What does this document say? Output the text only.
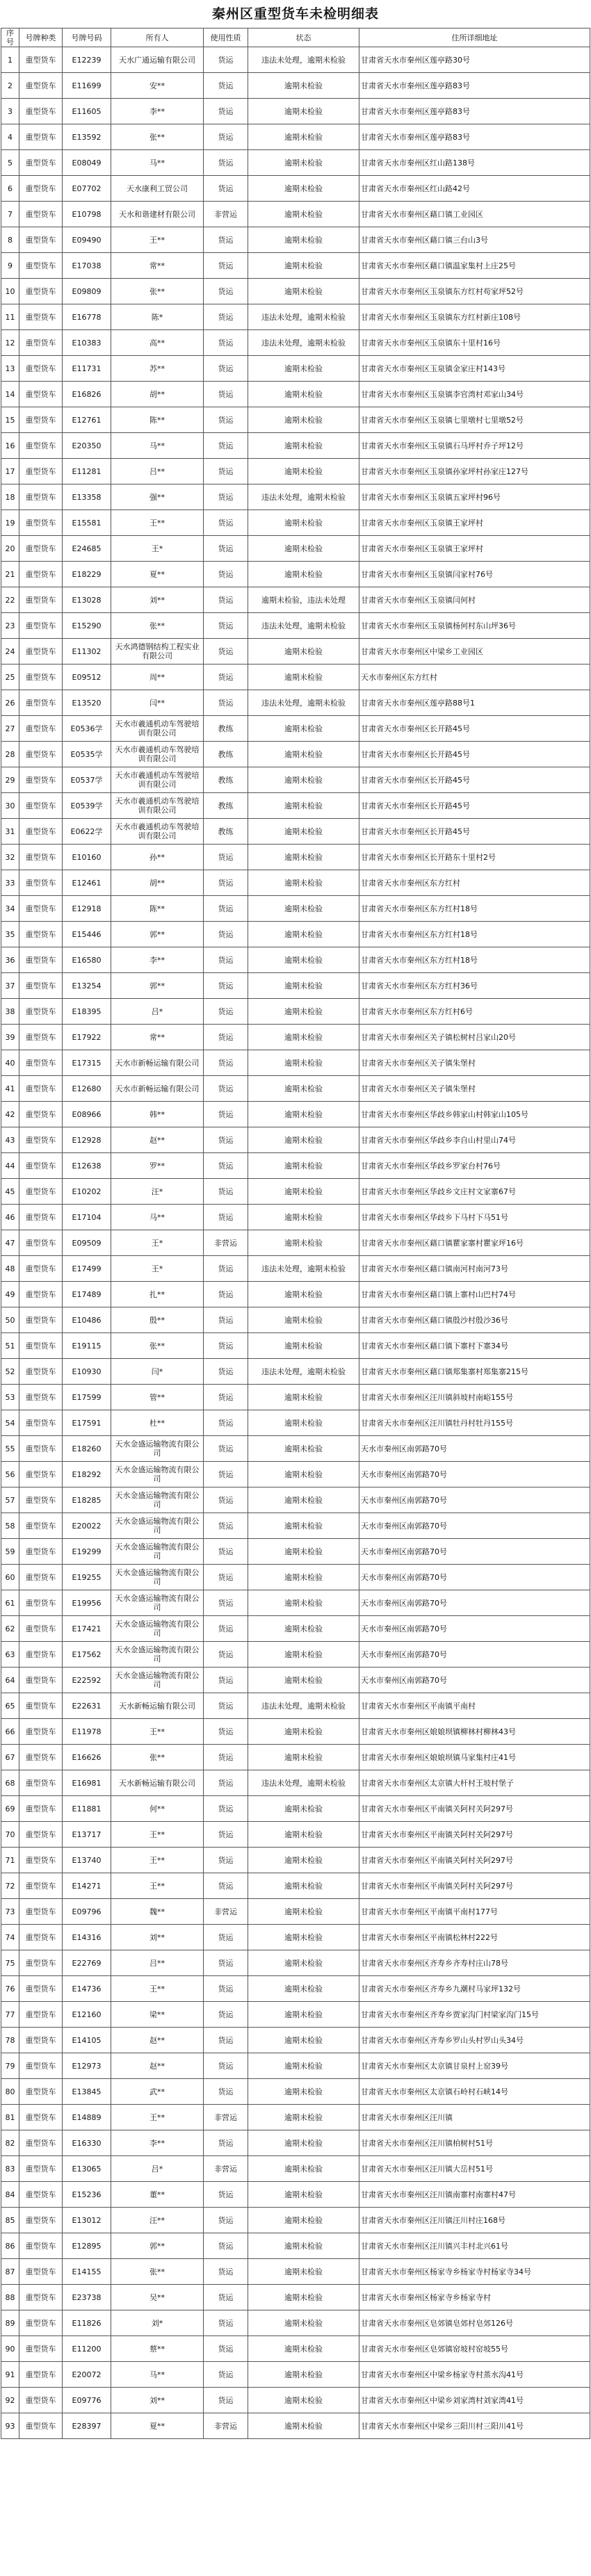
秦州区重型货车未检明细表
序号	号牌种类	号牌号码	所有人	使用性质	状态	住所详细地址
1	重型货车	E12239	天水广通运输有限公司	货运	违法未处理，逾期未检验	甘肃省天水市秦州区莲亭路30号
2	重型货车	E11699	安**	货运	逾期未检验	甘肃省天水市秦州区莲亭路83号
3	重型货车	E11605	李**	货运	逾期未检验	甘肃省天水市秦州区莲亭路83号
4	重型货车	E13592	张**	货运	逾期未检验	甘肃省天水市秦州区莲亭路83号
5	重型货车	E08049	马**	货运	逾期未检验	甘肃省天水市秦州区红山路138号
6	重型货车	E07702	天水康利工贸公司	货运	逾期未检验	甘肃省天水市秦州区红山路42号
7	重型货车	E10798	天水和谐建材有限公司	非营运	逾期未检验	甘肃省天水市秦州区藉口镇工业园区
8	重型货车	E09490	王**	货运	逾期未检验	甘肃省天水市秦州区藉口镇三台山3号
9	重型货车	E17038	常**	货运	逾期未检验	甘肃省天水市秦州区藉口镇温家集村上庄25号
10	重型货车	E09809	张**	货运	逾期未检验	甘肃省天水市秦州区玉泉镇东方红村苟家坪52号
11	重型货车	E16778	陈*	货运	违法未处理，逾期未检验	甘肃省天水市秦州区玉泉镇东方红村新庄108号
12	重型货车	E10383	高**	货运	违法未处理，逾期未检验	甘肃省天水市秦州区玉泉镇东十里村16号
13	重型货车	E11731	苏**	货运	逾期未检验	甘肃省天水市秦州区玉泉镇金家庄村143号
14	重型货车	E16826	胡**	货运	逾期未检验	甘肃省天水市秦州区玉泉镇李官湾村邓家山34号
15	重型货车	E12761	陈**	货运	逾期未检验	甘肃省天水市秦州区玉泉镇七里墩村七里墩52号
16	重型货车	E20350	马**	货运	逾期未检验	甘肃省天水市秦州区玉泉镇石马坪村乔子坪12号
17	重型货车	E11281	吕**	货运	逾期未检验	甘肃省天水市秦州区玉泉镇孙家坪村孙家庄127号
18	重型货车	E13358	强**	货运	违法未处理，逾期未检验	甘肃省天水市秦州区玉泉镇五家坪村96号
19	重型货车	E15581	王**	货运	逾期未检验	甘肃省天水市秦州区玉泉镇王家坪村
20	重型货车	E24685	王*	货运	逾期未检验	甘肃省天水市秦州区玉泉镇王家坪村
21	重型货车	E18229	夏**	货运	逾期未检验	甘肃省天水市秦州区玉泉镇闫家村76号
22	重型货车	E13028	刘**	货运	逾期未检验，违法未处理	甘肃省天水市秦州区玉泉镇闫何村
23	重型货车	E15290	张**	货运	违法未处理，逾期未检验	甘肃省天水市秦州区玉泉镇杨何村东山坪36号
24	重型货车	E11302	天水鸿德钢结构工程实业有限公司	货运	逾期未检验	甘肃省天水市秦州区中梁乡工业园区
25	重型货车	E09512	周**	货运	逾期未检验	天水市秦州区东方红村
26	重型货车	E13520	闫**	货运	违法未处理，逾期未检验	甘肃省天水市秦州区莲亭路88号1
27	重型货车	E0536学	天水市羲通机动车驾驶培训有限公司	教练	逾期未检验	甘肃省天水市秦州区长开路45号
28	重型货车	E0535学	天水市羲通机动车驾驶培训有限公司	教练	逾期未检验	甘肃省天水市秦州区长开路45号
29	重型货车	E0537学	天水市羲通机动车驾驶培训有限公司	教练	逾期未检验	甘肃省天水市秦州区长开路45号
30	重型货车	E0539学	天水市羲通机动车驾驶培训有限公司	教练	逾期未检验	甘肃省天水市秦州区长开路45号
31	重型货车	E0622学	天水市羲通机动车驾驶培训有限公司	教练	逾期未检验	甘肃省天水市秦州区长开路45号
32	重型货车	E10160	孙**	货运	逾期未检验	甘肃省天水市秦州区长开路东十里村2号
33	重型货车	E12461	胡**	货运	逾期未检验	甘肃省天水市秦州区东方红村
34	重型货车	E12918	陈**	货运	逾期未检验	甘肃省天水市秦州区东方红村18号
35	重型货车	E15446	郭**	货运	逾期未检验	甘肃省天水市秦州区东方红村18号
36	重型货车	E16580	李**	货运	逾期未检验	甘肃省天水市秦州区东方红村18号
37	重型货车	E13254	郭**	货运	逾期未检验	甘肃省天水市秦州区东方红村36号
38	重型货车	E18395	吕*	货运	逾期未检验	甘肃省天水市秦州区东方红村6号
39	重型货车	E17922	常**	货运	逾期未检验	甘肃省天水市秦州区关子镇松树村吕家山20号
40	重型货车	E17315	天水市新畅运输有限公司	货运	逾期未检验	甘肃省天水市秦州区关子镇朱堡村
41	重型货车	E12680	天水市新畅运输有限公司	货运	逾期未检验	甘肃省天水市秦州区关子镇朱堡村
42	重型货车	E08966	韩**	货运	逾期未检验	甘肃省天水市秦州区华歧乡韩家山村韩家山105号
43	重型货车	E12928	赵**	货运	逾期未检验	甘肃省天水市秦州区华歧乡李自山村里山74号
44	重型货车	E12638	罗**	货运	逾期未检验	甘肃省天水市秦州区华歧乡罗家台村76号
45	重型货车	E10202	汪*	货运	逾期未检验	甘肃省天水市秦州区华歧乡文庄村文家寨67号
46	重型货车	E17104	马**	货运	逾期未检验	甘肃省天水市秦州区华歧乡下马村下马51号
47	重型货车	E09509	王*	非营运	逾期未检验	甘肃省天水市秦州区藉口镇瞿家寨村瞿家坪16号
48	重型货车	E17499	王*	货运	违法未处理，逾期未检验	甘肃省天水市秦州区藉口镇南河村南河73号
49	重型货车	E17489	扎**	货运	逾期未检验	甘肃省天水市秦州区藉口镇上寨村山巴村74号
50	重型货车	E10486	殷**	货运	逾期未检验	甘肃省天水市秦州区藉口镇殷沙村殷沙36号
51	重型货车	E19115	张**	货运	逾期未检验	甘肃省天水市秦州区藉口镇下寨村下寨34号
52	重型货车	E10930	闫*	货运	违法未处理，逾期未检验	甘肃省天水市秦州区藉口镇郑集寨村郑集寨215号
53	重型货车	E17599	管**	货运	逾期未检验	甘肃省天水市秦州区汪川镇斜坡村南峪155号
54	重型货车	E17591	杜**	货运	逾期未检验	甘肃省天水市秦州区汪川镇牡丹村牡丹155号
55	重型货车	E18260	天水金盛运输物流有限公司	货运	逾期未检验	天水市秦州区南郭路70号
56	重型货车	E18292	天水金盛运输物流有限公司	货运	逾期未检验	天水市秦州区南郭路70号
57	重型货车	E18285	天水金盛运输物流有限公司	货运	逾期未检验	天水市秦州区南郭路70号
58	重型货车	E20022	天水金盛运输物流有限公司	货运	逾期未检验	天水市秦州区南郭路70号
59	重型货车	E19299	天水金盛运输物流有限公司	货运	逾期未检验	天水市秦州区南郭路70号
60	重型货车	E19255	天水金盛运输物流有限公司	货运	逾期未检验	天水市秦州区南郭路70号
61	重型货车	E19956	天水金盛运输物流有限公司	货运	逾期未检验	天水市秦州区南郭路70号
62	重型货车	E17421	天水金盛运输物流有限公司	货运	逾期未检验	天水市秦州区南郭路70号
63	重型货车	E17562	天水金盛运输物流有限公司	货运	逾期未检验	天水市秦州区南郭路70号
64	重型货车	E22592	天水金盛运输物流有限公司	货运	逾期未检验	天水市秦州区南郭路70号
65	重型货车	E22631	天水新畅运输有限公司	货运	违法未处理，逾期未检验	甘肃省天水市秦州区平南镇平南村
66	重型货车	E11978	王**	货运	逾期未检验	甘肃省天水市秦州区娘娘坝镇柳林村柳林43号
67	重型货车	E16626	张**	货运	逾期未检验	甘肃省天水市秦州区娘娘坝镇马家集村庄41号
68	重型货车	E16981	天水新畅运输有限公司	货运	违法未处理，逾期未检验	甘肃省天水市秦州区太京镇大杆村王坡村堡子
69	重型货车	E11881	何**	货运	逾期未检验	甘肃省天水市秦州区平南镇关阿村关阿297号
70	重型货车	E13717	王**	货运	逾期未检验	甘肃省天水市秦州区平南镇关阿村关阿297号
71	重型货车	E13740	王**	货运	逾期未检验	甘肃省天水市秦州区平南镇关阿村关阿297号
72	重型货车	E14271	王**	货运	逾期未检验	甘肃省天水市秦州区平南镇关阿村关阿297号
73	重型货车	E09796	魏**	非营运	逾期未检验	甘肃省天水市秦州区平南镇平南村177号
74	重型货车	E14316	刘**	货运	逾期未检验	甘肃省天水市秦州区平南镇松林村222号
75	重型货车	E22769	吕**	货运	逾期未检验	甘肃省天水市秦州区齐寿乡齐寿村庄山78号
76	重型货车	E14736	王**	货运	逾期未检验	甘肃省天水市秦州区齐寿乡九潮村马家坪132号
77	重型货车	E12160	梁**	货运	逾期未检验	甘肃省天水市秦州区齐寿乡贾家沟门村梁家沟门15号
78	重型货车	E14105	赵**	货运	逾期未检验	甘肃省天水市秦州区齐寿乡罗山头村罗山头34号
79	重型货车	E12973	赵**	货运	逾期未检验	甘肃省天水市秦州区太京镇甘泉村上窑39号
80	重型货车	E13845	武**	货运	逾期未检验	甘肃省天水市秦州区太京镇石岭村石峡14号
81	重型货车	E14889	王**	非营运	逾期未检验	甘肃省天水市秦州区汪川镇
82	重型货车	E16330	李**	货运	逾期未检验	甘肃省天水市秦州区汪川镇柏树村51号
83	重型货车	E13065	吕*	非营运	逾期未检验	甘肃省天水市秦州区汪川镇大岳村51号
84	重型货车	E15236	董**	货运	逾期未检验	甘肃省天水市秦州区汪川镇南寨村南寨村47号
85	重型货车	E13012	汪**	货运	逾期未检验	甘肃省天水市秦州区汪川镇汪川村庄168号
86	重型货车	E12895	郭**	货运	逾期未检验	甘肃省天水市秦州区汪川镇兴丰村北兴61号
87	重型货车	E14155	张**	货运	逾期未检验	甘肃省天水市秦州区杨家寺乡杨家寺村杨家寺34号
88	重型货车	E23738	吴**	货运	逾期未检验	甘肃省天水市秦州区杨家寺乡杨家寺村
89	重型货车	E11826	刘*	货运	逾期未检验	甘肃省天水市秦州区皂郊镇皂郊村皂郊126号
90	重型货车	E11200	蔡**	货运	逾期未检验	甘肃省天水市秦州区皂郊镇窑坡村窑坡55号
91	重型货车	E20072	马**	货运	逾期未检验	甘肃省天水市秦州区中梁乡杨家寺村蒸水沟41号
92	重型货车	E09776	刘**	货运	逾期未检验	甘肃省天水市秦州区中梁乡刘家湾村刘家湾41号
93	重型货车	E28397	夏**	非营运	逾期未检验	甘肃省天水市秦州区中梁乡三阳川村三阳川41号
